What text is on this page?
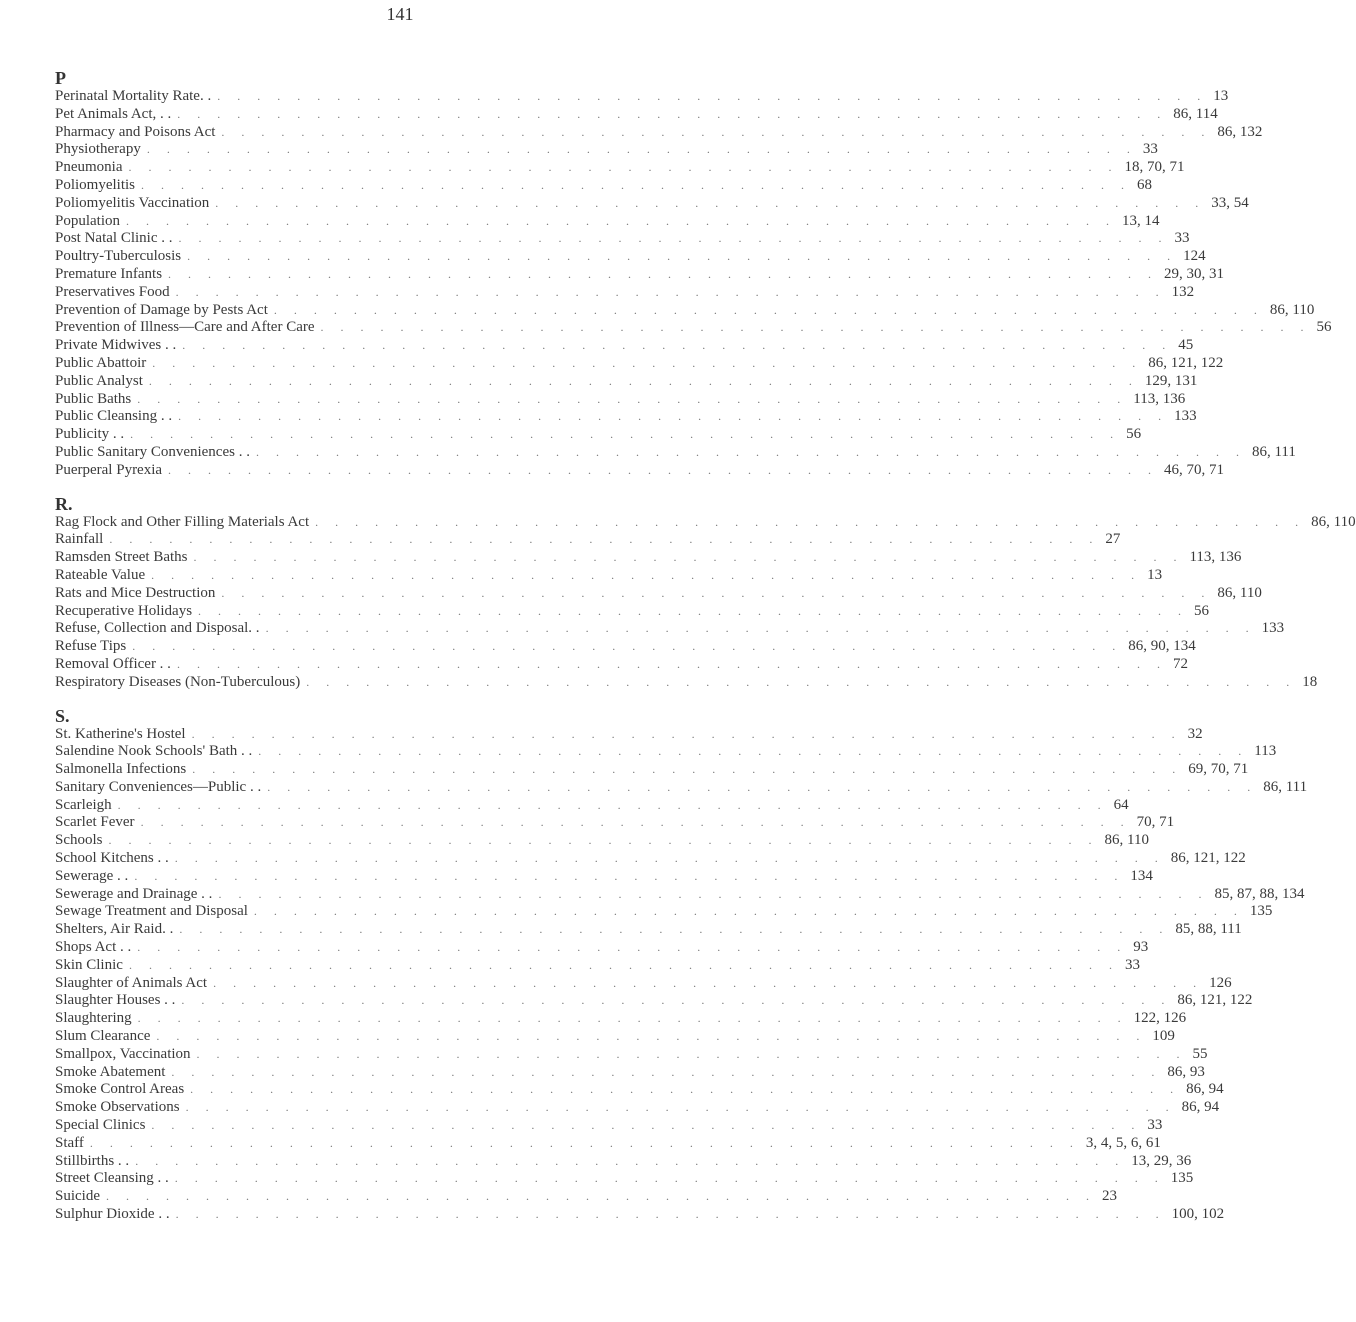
141
P
Perinatal Mortality Rate. . . . . . . . . . . . . . . . . . . . . . . . . . . . . . . . . . . . . . . . . . . . . . . . . . . . 13
Pet Animals Act, . . . . . . . . . . . . . . . . . . . . . . . . . . . . . . . . . . . . . . . . . . . . . . . . . . . . 86, 114
Pharmacy and Poisons Act . . . . . . . . . . . . . . . . . . . . . . . . . . . . . . . . . . . . . . . . . . . . . . . . . . 86, 132
Physiotherapy . . . . . . . . . . . . . . . . . . . . . . . . . . . . . . . . . . . . . . . . . . . . . . . . . . 33
Pneumonia . . . . . . . . . . . . . . . . . . . . . . . . . . . . . . . . . . . . . . . . . . . . . . . . . . 18, 70, 71
Poliomyelitis . . . . . . . . . . . . . . . . . . . . . . . . . . . . . . . . . . . . . . . . . . . . . . . . . . 68
Poliomyelitis Vaccination . . . . . . . . . . . . . . . . . . . . . . . . . . . . . . . . . . . . . . . . . . . . . . . . . . 33, 54
Population . . . . . . . . . . . . . . . . . . . . . . . . . . . . . . . . . . . . . . . . . . . . . . . . . . 13, 14
Post Natal Clinic . . . . . . . . . . . . . . . . . . . . . . . . . . . . . . . . . . . . . . . . . . . . . . . . . . . . 33
Poultry-Tuberculosis . . . . . . . . . . . . . . . . . . . . . . . . . . . . . . . . . . . . . . . . . . . . . . . . . . 124
Premature Infants . . . . . . . . . . . . . . . . . . . . . . . . . . . . . . . . . . . . . . . . . . . . . . . . . . 29, 30, 31
Preservatives Food . . . . . . . . . . . . . . . . . . . . . . . . . . . . . . . . . . . . . . . . . . . . . . . . . . 132
Prevention of Damage by Pests Act . . . . . . . . . . . . . . . . . . . . . . . . . . . . . . . . . . . . . . . . . . . . . . . . . . 86, 110
Prevention of Illness—Care and After Care . . . . . . . . . . . . . . . . . . . . . . . . . . . . . . . . . . . . . . . . . . . . . . . . . . 56
Private Midwives . . . . . . . . . . . . . . . . . . . . . . . . . . . . . . . . . . . . . . . . . . . . . . . . . . . . 45
Public Abattoir . . . . . . . . . . . . . . . . . . . . . . . . . . . . . . . . . . . . . . . . . . . . . . . . . . 86, 121, 122
Public Analyst . . . . . . . . . . . . . . . . . . . . . . . . . . . . . . . . . . . . . . . . . . . . . . . . . . 129, 131
Public Baths . . . . . . . . . . . . . . . . . . . . . . . . . . . . . . . . . . . . . . . . . . . . . . . . . . 113, 136
Public Cleansing . . . . . . . . . . . . . . . . . . . . . . . . . . . . . . . . . . . . . . . . . . . . . . . . . . . . 133
Publicity . . . . . . . . . . . . . . . . . . . . . . . . . . . . . . . . . . . . . . . . . . . . . . . . . . . . 56
Public Sanitary Conveniences . . . . . . . . . . . . . . . . . . . . . . . . . . . . . . . . . . . . . . . . . . . . . . . . . . . . 86, 111
Puerperal Pyrexia . . . . . . . . . . . . . . . . . . . . . . . . . . . . . . . . . . . . . . . . . . . . . . . . . . 46, 70, 71
R.
Rag Flock and Other Filling Materials Act . . . . . . . . . . . . . . . . . . . . . . . . . . . . . . . . . . . . . . . . . . . . . . . . . . 86, 110
Rainfall . . . . . . . . . . . . . . . . . . . . . . . . . . . . . . . . . . . . . . . . . . . . . . . . . . 27
Ramsden Street Baths . . . . . . . . . . . . . . . . . . . . . . . . . . . . . . . . . . . . . . . . . . . . . . . . . . 113, 136
Rateable Value . . . . . . . . . . . . . . . . . . . . . . . . . . . . . . . . . . . . . . . . . . . . . . . . . . 13
Rats and Mice Destruction . . . . . . . . . . . . . . . . . . . . . . . . . . . . . . . . . . . . . . . . . . . . . . . . . . 86, 110
Recuperative Holidays . . . . . . . . . . . . . . . . . . . . . . . . . . . . . . . . . . . . . . . . . . . . . . . . . . 56
Refuse, Collection and Disposal. . . . . . . . . . . . . . . . . . . . . . . . . . . . . . . . . . . . . . . . . . . . . . . . . . . . 133
Refuse Tips . . . . . . . . . . . . . . . . . . . . . . . . . . . . . . . . . . . . . . . . . . . . . . . . . . 86, 90, 134
Removal Officer . . . . . . . . . . . . . . . . . . . . . . . . . . . . . . . . . . . . . . . . . . . . . . . . . . . . 72
Respiratory Diseases (Non-Tuberculous) . . . . . . . . . . . . . . . . . . . . . . . . . . . . . . . . . . . . . . . . . . . . . . . . . . 18
S.
St. Katherine's Hostel . . . . . . . . . . . . . . . . . . . . . . . . . . . . . . . . . . . . . . . . . . . . . . . . . . 32
Salendine Nook Schools' Bath . . . . . . . . . . . . . . . . . . . . . . . . . . . . . . . . . . . . . . . . . . . . . . . . . . . . 113
Salmonella Infections . . . . . . . . . . . . . . . . . . . . . . . . . . . . . . . . . . . . . . . . . . . . . . . . . . 69, 70, 71
Sanitary Conveniences—Public . . . . . . . . . . . . . . . . . . . . . . . . . . . . . . . . . . . . . . . . . . . . . . . . . . . . 86, 111
Scarleigh . . . . . . . . . . . . . . . . . . . . . . . . . . . . . . . . . . . . . . . . . . . . . . . . . . 64
Scarlet Fever . . . . . . . . . . . . . . . . . . . . . . . . . . . . . . . . . . . . . . . . . . . . . . . . . . 70, 71
Schools . . . . . . . . . . . . . . . . . . . . . . . . . . . . . . . . . . . . . . . . . . . . . . . . . . 86, 110
School Kitchens . . . . . . . . . . . . . . . . . . . . . . . . . . . . . . . . . . . . . . . . . . . . . . . . . . . . 86, 121, 122
Sewerage . . . . . . . . . . . . . . . . . . . . . . . . . . . . . . . . . . . . . . . . . . . . . . . . . . . . 134
Sewerage and Drainage . . . . . . . . . . . . . . . . . . . . . . . . . . . . . . . . . . . . . . . . . . . . . . . . . . . . 85, 87, 88, 134
Sewage Treatment and Disposal . . . . . . . . . . . . . . . . . . . . . . . . . . . . . . . . . . . . . . . . . . . . . . . . . . 135
Shelters, Air Raid. . . . . . . . . . . . . . . . . . . . . . . . . . . . . . . . . . . . . . . . . . . . . . . . . . . . 85, 88, 111
Shops Act . . . . . . . . . . . . . . . . . . . . . . . . . . . . . . . . . . . . . . . . . . . . . . . . . . . . 93
Skin Clinic . . . . . . . . . . . . . . . . . . . . . . . . . . . . . . . . . . . . . . . . . . . . . . . . . . 33
Slaughter of Animals Act . . . . . . . . . . . . . . . . . . . . . . . . . . . . . . . . . . . . . . . . . . . . . . . . . . 126
Slaughter Houses . . . . . . . . . . . . . . . . . . . . . . . . . . . . . . . . . . . . . . . . . . . . . . . . . . . . 86, 121, 122
Slaughtering . . . . . . . . . . . . . . . . . . . . . . . . . . . . . . . . . . . . . . . . . . . . . . . . . . 122, 126
Slum Clearance . . . . . . . . . . . . . . . . . . . . . . . . . . . . . . . . . . . . . . . . . . . . . . . . . . 109
Smallpox, Vaccination . . . . . . . . . . . . . . . . . . . . . . . . . . . . . . . . . . . . . . . . . . . . . . . . . . 55
Smoke Abatement . . . . . . . . . . . . . . . . . . . . . . . . . . . . . . . . . . . . . . . . . . . . . . . . . . 86, 93
Smoke Control Areas . . . . . . . . . . . . . . . . . . . . . . . . . . . . . . . . . . . . . . . . . . . . . . . . . . 86, 94
Smoke Observations . . . . . . . . . . . . . . . . . . . . . . . . . . . . . . . . . . . . . . . . . . . . . . . . . . 86, 94
Special Clinics . . . . . . . . . . . . . . . . . . . . . . . . . . . . . . . . . . . . . . . . . . . . . . . . . . 33
Staff . . . . . . . . . . . . . . . . . . . . . . . . . . . . . . . . . . . . . . . . . . . . . . . . . . 3, 4, 5, 6, 61
Stillbirths . . . . . . . . . . . . . . . . . . . . . . . . . . . . . . . . . . . . . . . . . . . . . . . . . . . . 13, 29, 36
Street Cleansing . . . . . . . . . . . . . . . . . . . . . . . . . . . . . . . . . . . . . . . . . . . . . . . . . . . . 135
Suicide . . . . . . . . . . . . . . . . . . . . . . . . . . . . . . . . . . . . . . . . . . . . . . . . . . 23
Sulphur Dioxide . . . . . . . . . . . . . . . . . . . . . . . . . . . . . . . . . . . . . . . . . . . . . . . . . . . . 100, 102
